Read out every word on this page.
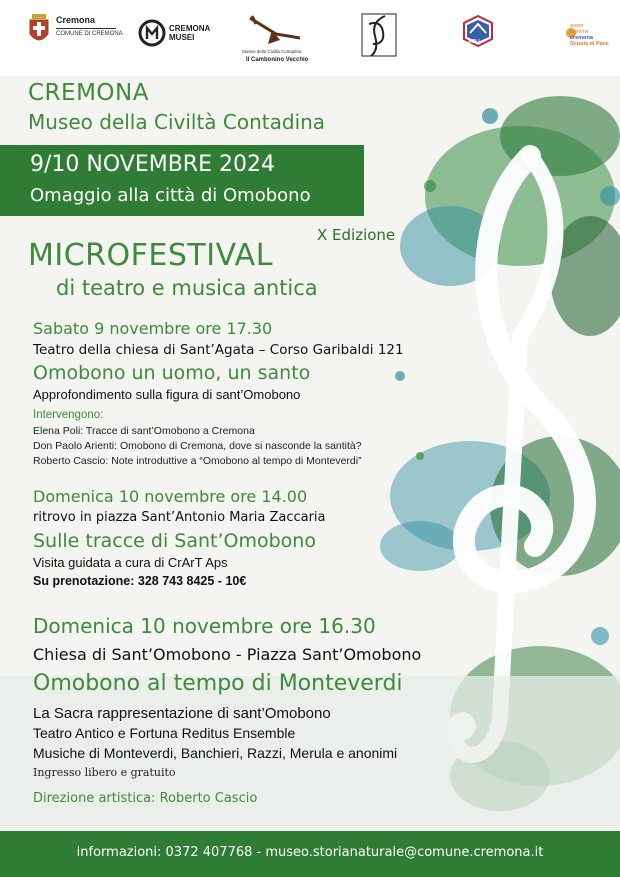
Cremona
COMUNE DI CREMONA
CREMONA
MUSEI
Museo della Civiltà Contadina
Il Cambonino Vecchio
ACLI
auser
insieme
cremona
Scuola di Pace
CREMONA
Museo della Civiltà Contadina
9/10 NOVEMBRE 2024
Omaggio alla città di Omobono
X Edizione
MICROFESTIVAL
di teatro e musica antica
Sabato 9 novembre ore 17.30
Teatro della chiesa di Sant’Agata – Corso Garibaldi 121
Omobono un uomo, un santo
Approfondimento sulla figura di sant’Omobono
Intervengono:
Elena Poli: Tracce di sant’Omobono a Cremona
Don Paolo Arienti: Omobono di Cremona, dove si nasconde la santità?
Roberto Cascio: Note introduttive a “Omobono al tempo di Monteverdi”
Domenica 10 novembre ore 14.00
ritrovo in piazza Sant’Antonio Maria Zaccaria
Sulle tracce di Sant’Omobono
Visita guidata a cura di CrArT Aps
Su prenotazione: 328 743 8425 - 10€
Domenica 10 novembre ore 16.30
Chiesa di Sant’Omobono - Piazza Sant’Omobono
Omobono al tempo di Monteverdi
La Sacra rappresentazione di sant’Omobono
Teatro Antico e Fortuna Reditus Ensemble
Musiche di Monteverdi, Banchieri, Razzi, Merula e anonimi
Ingresso libero e gratuito
Direzione artistica: Roberto Cascio
informazioni: 0372 407768 - museo.storianaturale@comune.cremona.it
